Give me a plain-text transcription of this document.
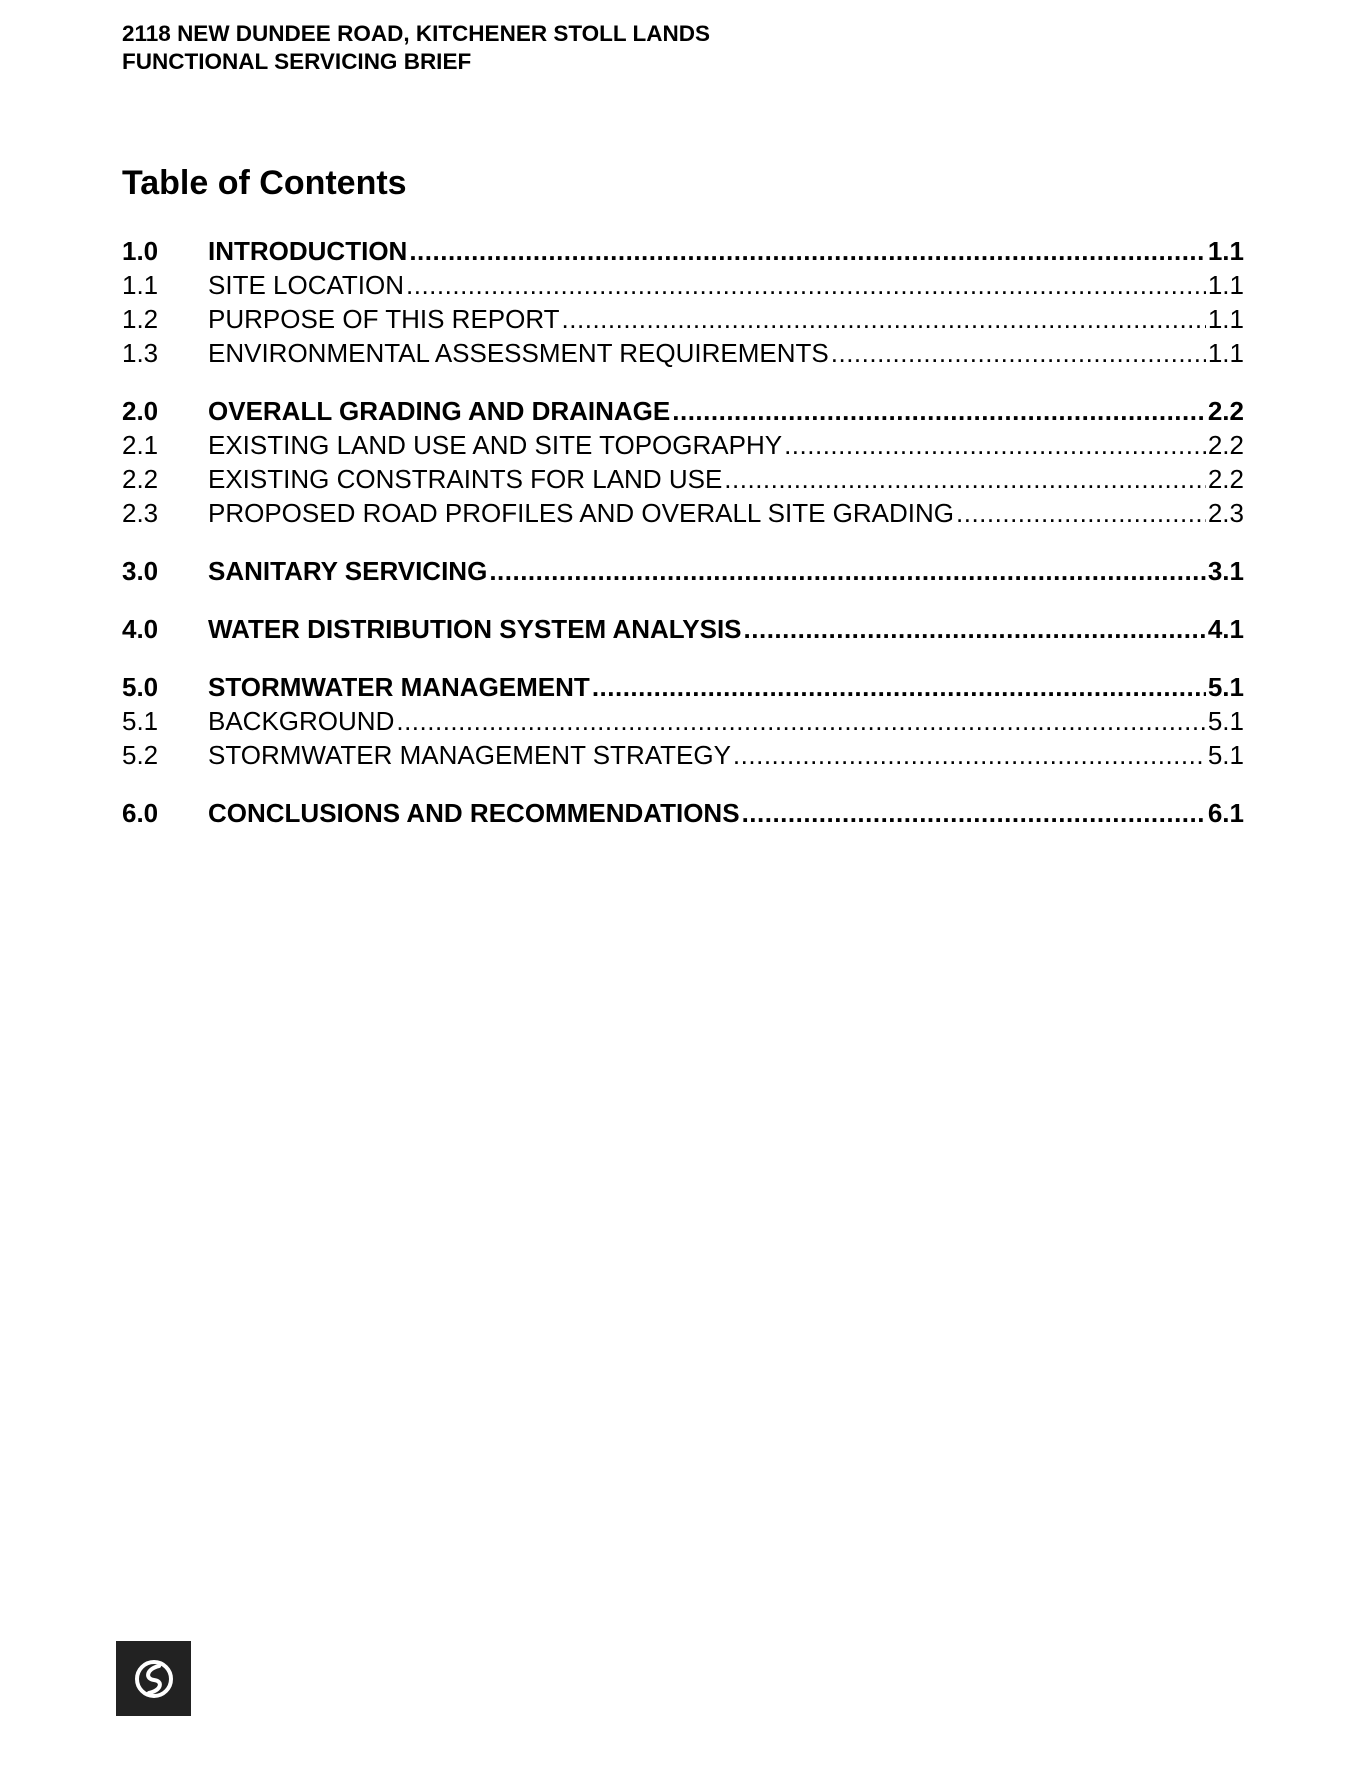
2118 NEW DUNDEE ROAD, KITCHENER STOLL LANDS
FUNCTIONAL SERVICING BRIEF
Table of Contents
1.0	INTRODUCTION .....	1.1
1.1	SITE LOCATION .....	1.1
1.2	PURPOSE OF THIS REPORT .....	1.1
1.3	ENVIRONMENTAL ASSESSMENT REQUIREMENTS .....	1.1
2.0	OVERALL GRADING AND DRAINAGE .....	2.2
2.1	EXISTING LAND USE AND SITE TOPOGRAPHY .....	2.2
2.2	EXISTING CONSTRAINTS FOR LAND USE .....	2.2
2.3	PROPOSED ROAD PROFILES AND OVERALL SITE GRADING .....	2.3
3.0	SANITARY SERVICING .....	3.1
4.0	WATER DISTRIBUTION SYSTEM ANALYSIS .....	4.1
5.0	STORMWATER MANAGEMENT .....	5.1
5.1	BACKGROUND .....	5.1
5.2	STORMWATER MANAGEMENT STRATEGY .....	5.1
6.0	CONCLUSIONS AND RECOMMENDATIONS .....	6.1
